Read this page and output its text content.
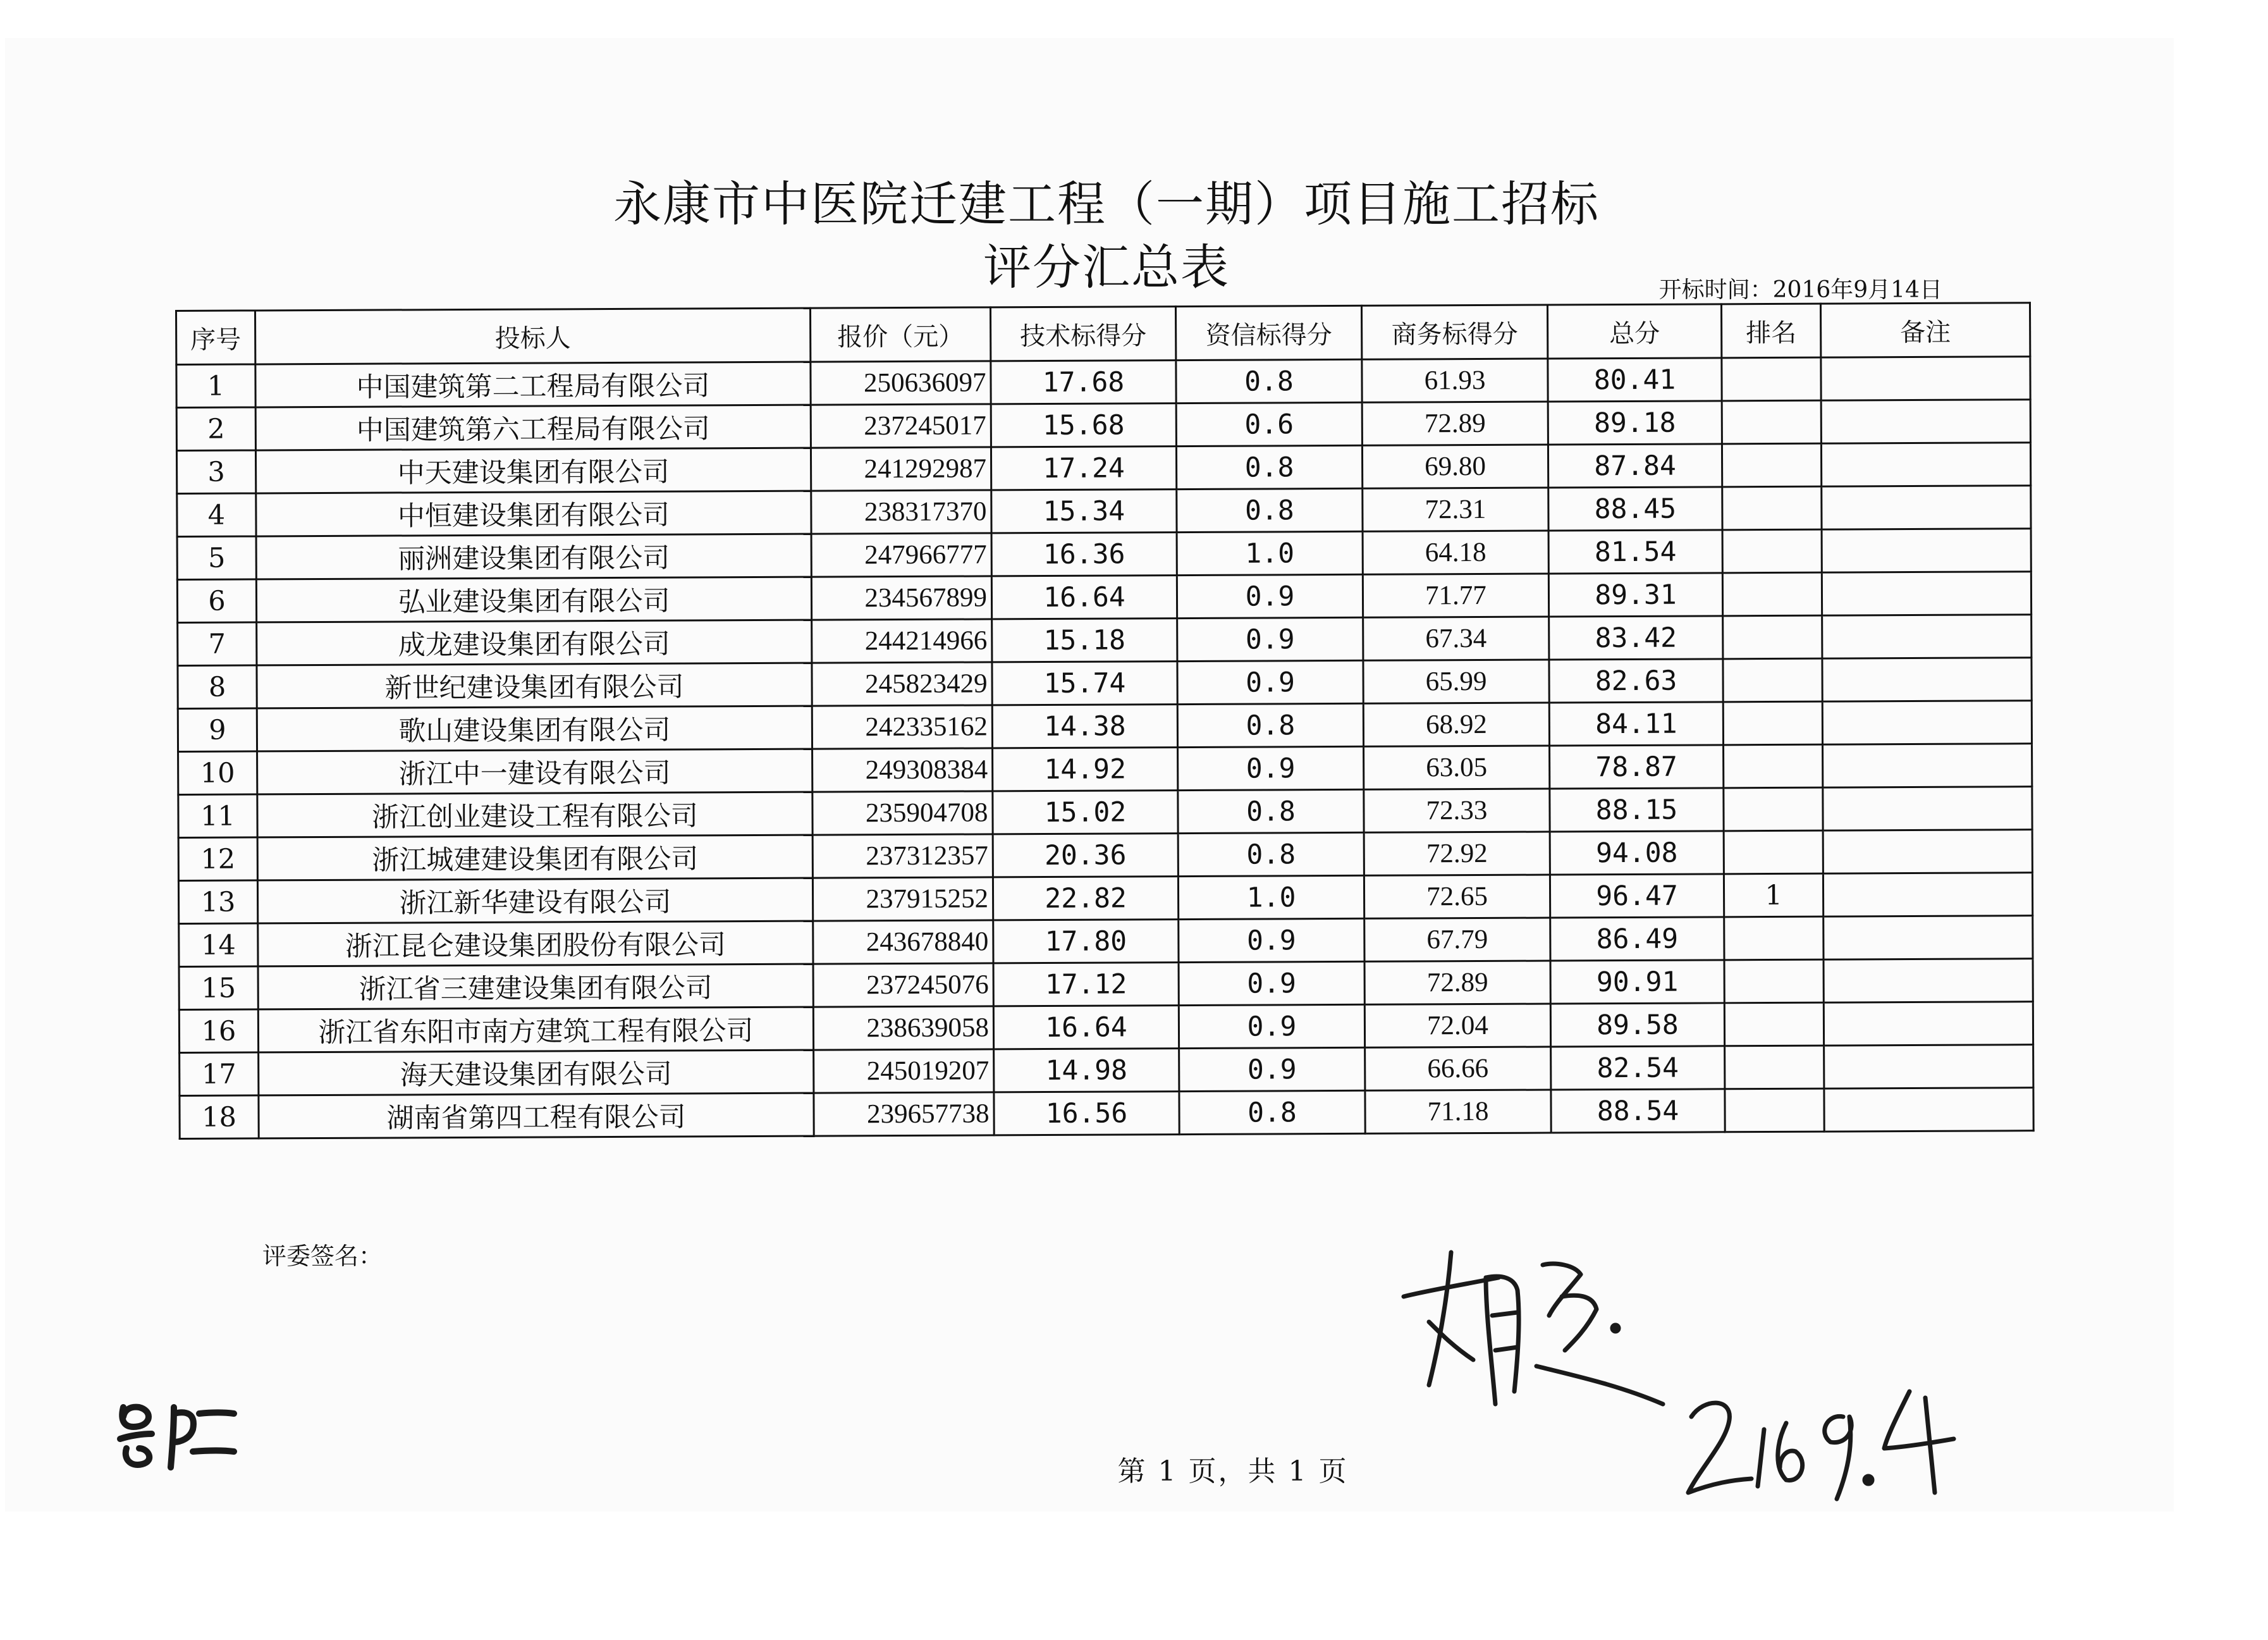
永康市中医院迁建工程（一期）项目施工招标
评分汇总表	开标时间：2016年9月14日
序号	投标人	报价（元）	技术标得分	资信标得分	商务标得分	总分	排名	备注
1	中国建筑第二工程局有限公司	250636097	17.68	0.8	61.93	80.41		
2	中国建筑第六工程局有限公司	237245017	15.68	0.6	72.89	89.18		
3	中天建设集团有限公司	241292987	17.24	0.8	69.80	87.84		
4	中恒建设集团有限公司	238317370	15.34	0.8	72.31	88.45		
5	丽洲建设集团有限公司	247966777	16.36	1.0	64.18	81.54		
6	弘业建设集团有限公司	234567899	16.64	0.9	71.77	89.31		
7	成龙建设集团有限公司	244214966	15.18	0.9	67.34	83.42		
8	新世纪建设集团有限公司	245823429	15.74	0.9	65.99	82.63		
9	歌山建设集团有限公司	242335162	14.38	0.8	68.92	84.11		
10	浙江中一建设有限公司	249308384	14.92	0.9	63.05	78.87		
11	浙江创业建设工程有限公司	235904708	15.02	0.8	72.33	88.15		
12	浙江城建建设集团有限公司	237312357	20.36	0.8	72.92	94.08		
13	浙江新华建设有限公司	237915252	22.82	1.0	72.65	96.47	1	
14	浙江昆仑建设集团股份有限公司	243678840	17.80	0.9	67.79	86.49		
15	浙江省三建建设集团有限公司	237245076	17.12	0.9	72.89	90.91		
16	浙江省东阳市南方建筑工程有限公司	238639058	16.64	0.9	72.04	89.58		
17	海天建设集团有限公司	245019207	14.98	0.9	66.66	82.54		
18	湖南省第四工程有限公司	239657738	16.56	0.8	71.18	88.54		
评委签名：
第 1 页，共 1 页
